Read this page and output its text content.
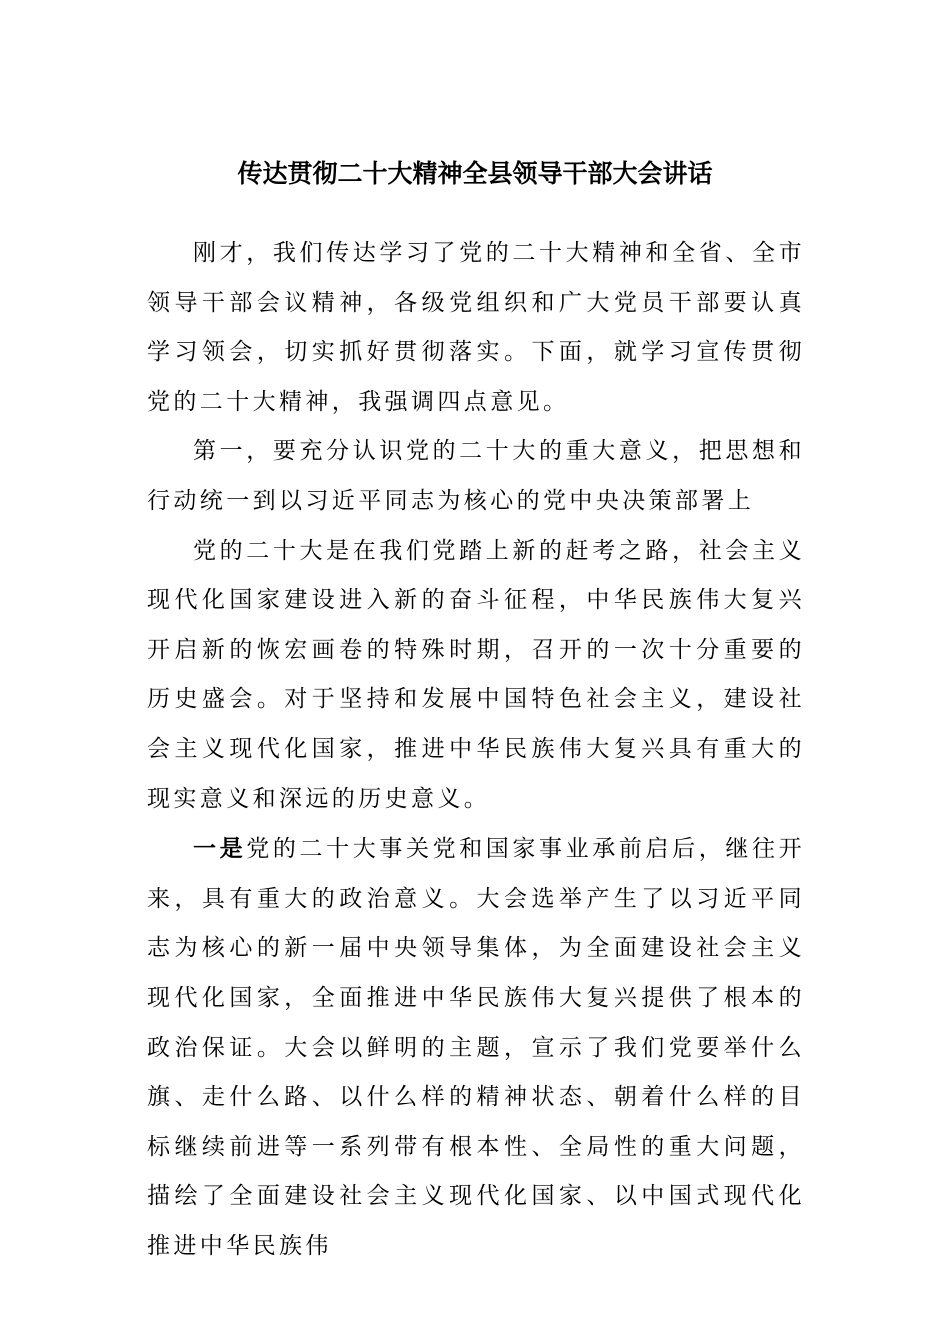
传达贯彻二十大精神全县领导干部大会讲话

刚才，我们传达学习了党的二十大精神和全省、全市领导干部会议精神，各级党组织和广大党员干部要认真学习领会，切实抓好贯彻落实。下面，就学习宣传贯彻党的二十大精神，我强调四点意见。

第一，要充分认识党的二十大的重大意义，把思想和行动统一到以习近平同志为核心的党中央决策部署上

党的二十大是在我们党踏上新的赶考之路，社会主义现代化国家建设进入新的奋斗征程，中华民族伟大复兴开启新的恢宏画卷的特殊时期，召开的一次十分重要的历史盛会。对于坚持和发展中国特色社会主义，建设社会主义现代化国家，推进中华民族伟大复兴具有重大的现实意义和深远的历史意义。

一是党的二十大事关党和国家事业承前启后，继往开来，具有重大的政治意义。大会选举产生了以习近平同志为核心的新一届中央领导集体，为全面建设社会主义现代化国家，全面推进中华民族伟大复兴提供了根本的政治保证。大会以鲜明的主题，宣示了我们党要举什么旗、走什么路、以什么样的精神状态、朝着什么样的目标继续前进等一系列带有根本性、全局性的重大问题，描绘了全面建设社会主义现代化国家、以中国式现代化推进中华民族伟
